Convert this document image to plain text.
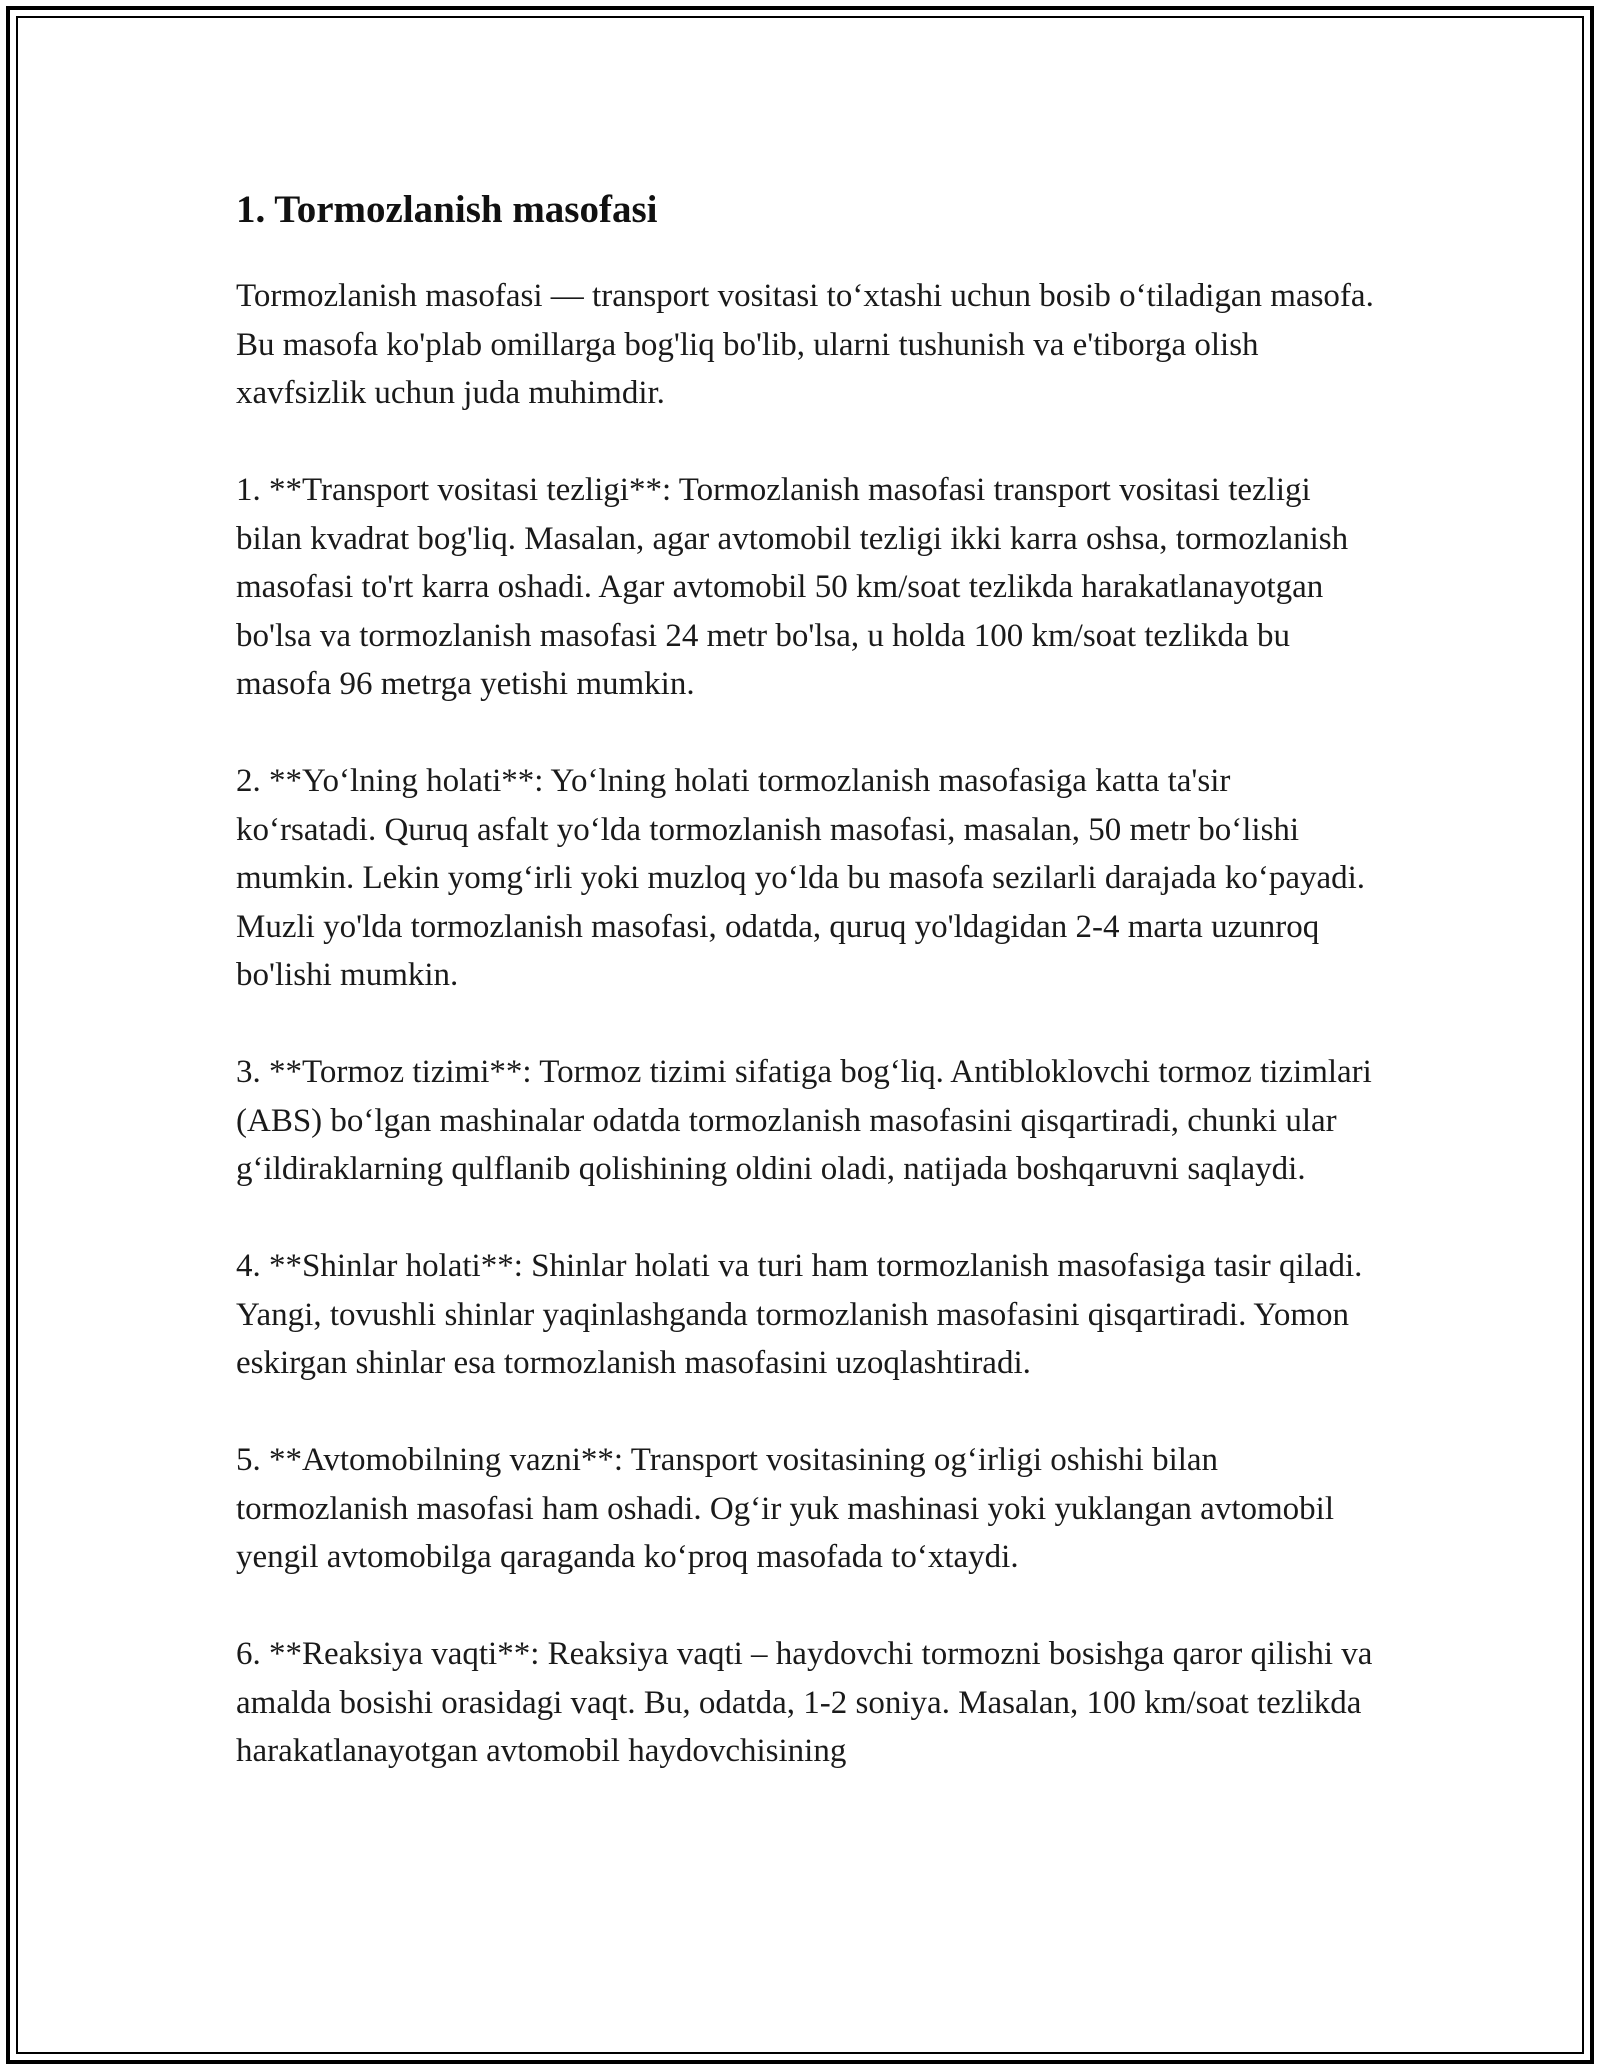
1. Tormozlanish masofasi

Tormozlanish masofasi — transport vositasi to‘xtashi uchun bosib o‘tiladigan masofa. Bu masofa ko'plab omillarga bog'liq bo'lib, ularni tushunish va e'tiborga olish xavfsizlik uchun juda muhimdir.

1. **Transport vositasi tezligi**: Tormozlanish masofasi transport vositasi tezligi bilan kvadrat bog'liq. Masalan, agar avtomobil tezligi ikki karra oshsa, tormozlanish masofasi to'rt karra oshadi. Agar avtomobil 50 km/soat tezlikda harakatlanayotgan bo'lsa va tormozlanish masofasi 24 metr bo'lsa, u holda 100 km/soat tezlikda bu masofa 96 metrga yetishi mumkin.

2. **Yo‘lning holati**: Yo‘lning holati tormozlanish masofasiga katta ta'sir ko‘rsatadi. Quruq asfalt yo‘lda tormozlanish masofasi, masalan, 50 metr bo‘lishi mumkin. Lekin yomg‘irli yoki muzloq yo‘lda bu masofa sezilarli darajada ko‘payadi. Muzli yo'lda tormozlanish masofasi, odatda, quruq yo'ldagidan 2-4 marta uzunroq bo'lishi mumkin.

3. **Tormoz tizimi**: Tormoz tizimi sifatiga bog‘liq. Antibloklovchi tormoz tizimlari (ABS) bo‘lgan mashinalar odatda tormozlanish masofasini qisqartiradi, chunki ular g‘ildiraklarning qulflanib qolishining oldini oladi, natijada boshqaruvni saqlaydi.

4. **Shinlar holati**: Shinlar holati va turi ham tormozlanish masofasiga tasir qiladi. Yangi, tovushli shinlar yaqinlashganda tormozlanish masofasini qisqartiradi. Yomon eskirgan shinlar esa tormozlanish masofasini uzoqlashtiradi.

5. **Avtomobilning vazni**: Transport vositasining og‘irligi oshishi bilan tormozlanish masofasi ham oshadi. Og‘ir yuk mashinasi yoki yuklangan avtomobil yengil avtomobilga qaraganda ko‘proq masofada to‘xtaydi.

6. **Reaksiya vaqti**: Reaksiya vaqti – haydovchi tormozni bosishga qaror qilishi va amalda bosishi orasidagi vaqt. Bu, odatda, 1-2 soniya. Masalan, 100 km/soat tezlikda harakatlanayotgan avtomobil haydovchisining
